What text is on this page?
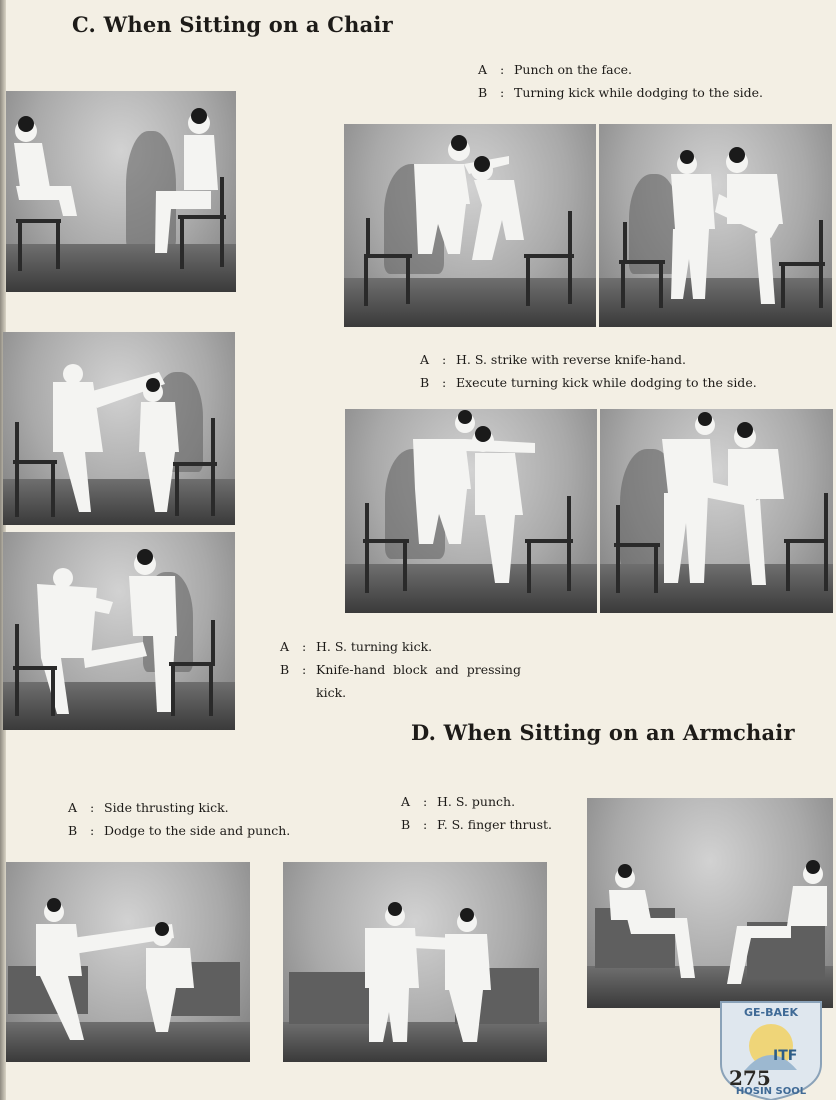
C. When Sitting on a Chair
A	: Punch on the face.
B	: Turning kick while dodging to the side.
A	: H. S. strike with reverse knife-hand.
B	: Execute turning kick while dodging to the side.
A	: H. S. turning kick.
B	: Knife-hand block and pressing
kick.
D. When Sitting on an Armchair
A	: Side thrusting kick.
B	: Dodge to the side and punch.
A	: H. S. punch.
B	: F. S. finger thrust.
GE-BAEK
ITF
HOSIN SOOL
275
